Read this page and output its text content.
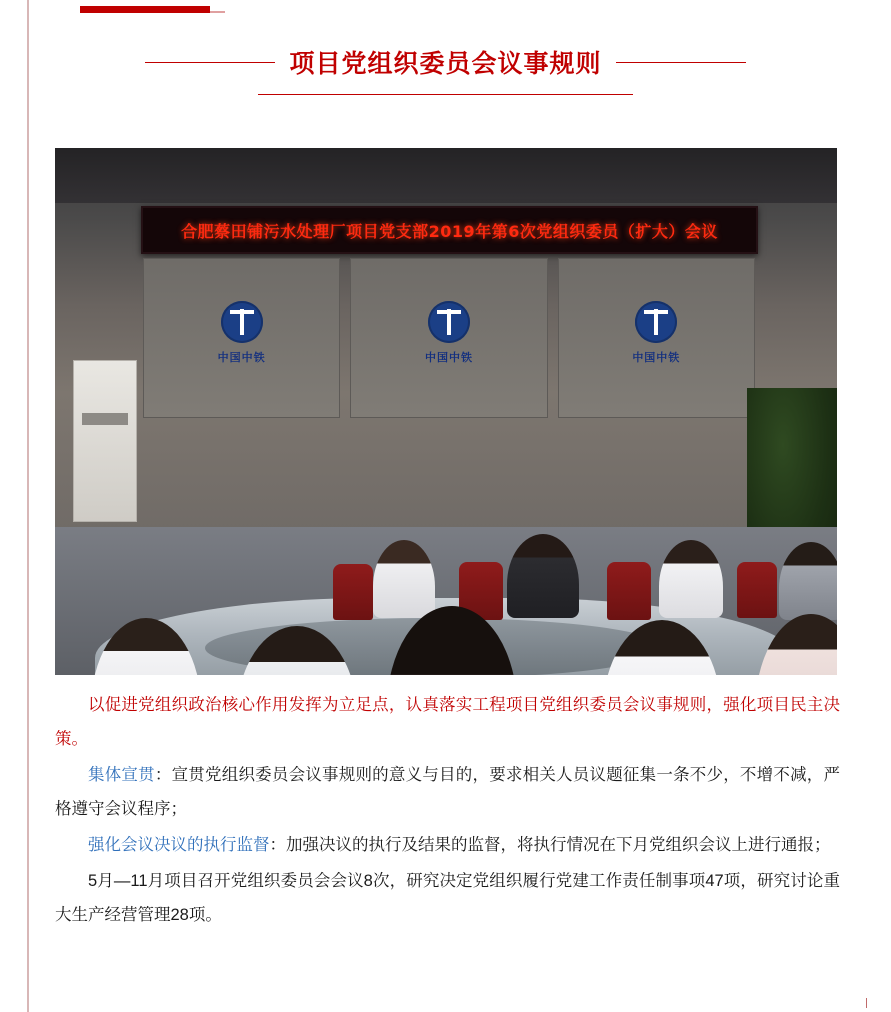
项目党组织委员会议事规则
合肥蔡田铺污水处理厂项目党支部2019年第6次党组织委员（扩大）会议
中国中铁	中国中铁	中国中铁

以促进党组织政治核心作用发挥为立足点，认真落实工程项目党组织委员会议事规则，强化项目民主决策。

集体宣贯：宣贯党组织委员会议事规则的意义与目的，要求相关人员议题征集一条不少，不增不减，严格遵守会议程序；

强化会议决议的执行监督：加强决议的执行及结果的监督，将执行情况在下月党组织会议上进行通报；

5月—11月项目召开党组织委员会会议8次，研究决定党组织履行党建工作责任制事项47项，研究讨论重大生产经营管理28项。
